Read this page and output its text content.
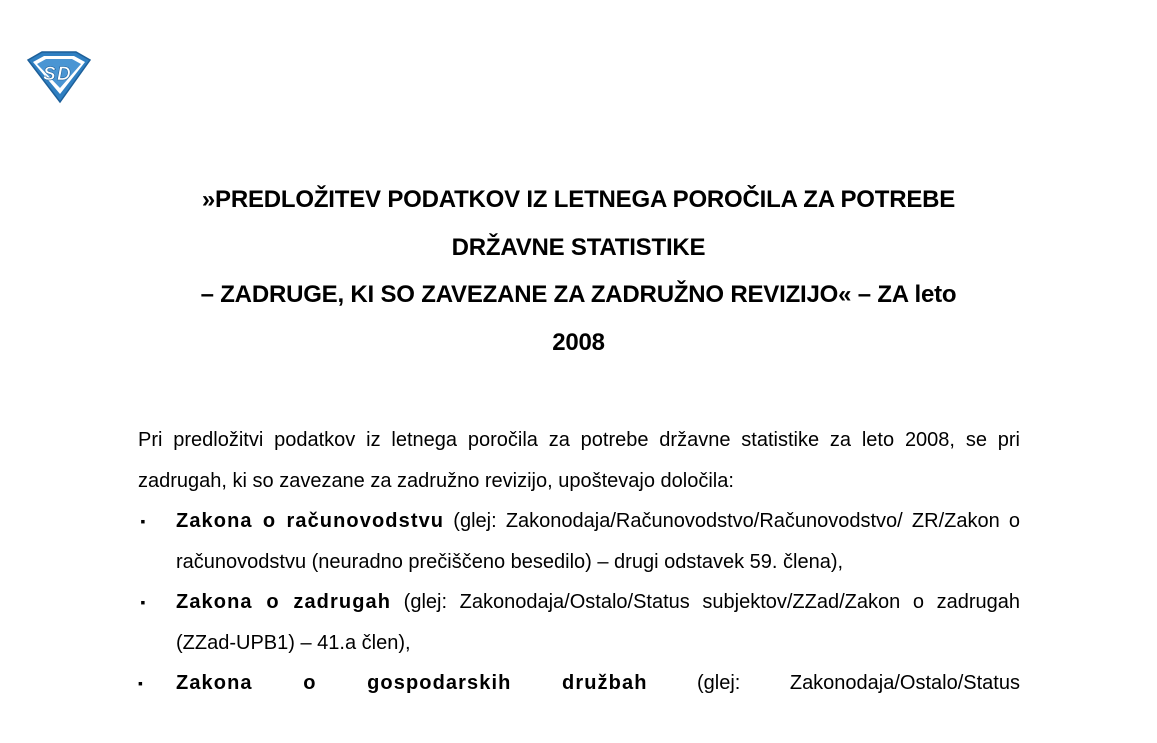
S D
»PREDLOŽITEV PODATKOV IZ LETNEGA POROČILA ZA POTREBE
DRŽAVNE STATISTIKE
– ZADRUGE, KI SO ZAVEZANE ZA ZADRUŽNO REVIZIJO« – ZA leto
2008

Pri predložitvi podatkov iz letnega poročila za potrebe državne statistike za leto 2008, se pri zadrugah, ki so zavezane za zadružno revizijo, upoštevajo določila:

▪ Zakona o računovodstvu (glej: Zakonodaja/Računovodstvo/Računovodstvo/ ZR/Zakon o računovodstvu (neuradno prečiščeno besedilo) – drugi odstavek 59. člena),
▪ Zakona o zadrugah (glej: Zakonodaja/Ostalo/Status subjektov/ZZad/Zakon o zadrugah (ZZad-UPB1) – 41.a člen),
▪ Zakona o gospodarskih družbah (glej: Zakonodaja/Ostalo/Status
